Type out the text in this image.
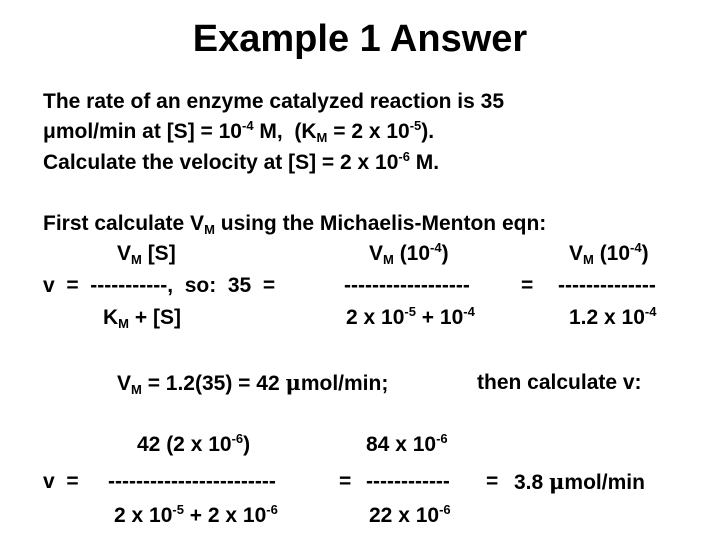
Example 1 Answer
The rate of an enzyme catalyzed reaction is 35
μmol/min at $[S] = 10^{-4}$ M,  ($K_M = 2$ x $10^{-5}$).
Calculate the velocity at [S] = 2 x $10^{-6}$ M.
First calculate $V_M$ using the Michaelis-Menton eqn:
$V_M$ [S]	$V_M$ $(10^{-4})$	$V_M$ $(10^{-4})$
v  =  -----------,  so:  35  =	------------------ = --------------
$K_M + [S]$	2 x $10^{-5} + 10^{-4}$	1.2 x $10^{-4}$
$V_M = 1.2(35) = 42$ μmol/min;	then calculate v:
42 (2 x $10^{-6}$)	84 x $10^{-6}$
v  = ------------------------	= ------------ = 3.8 μmol/min
2 x $10^{-5} + 2$ x $10^{-6}$	22 x $10^{-6}$
